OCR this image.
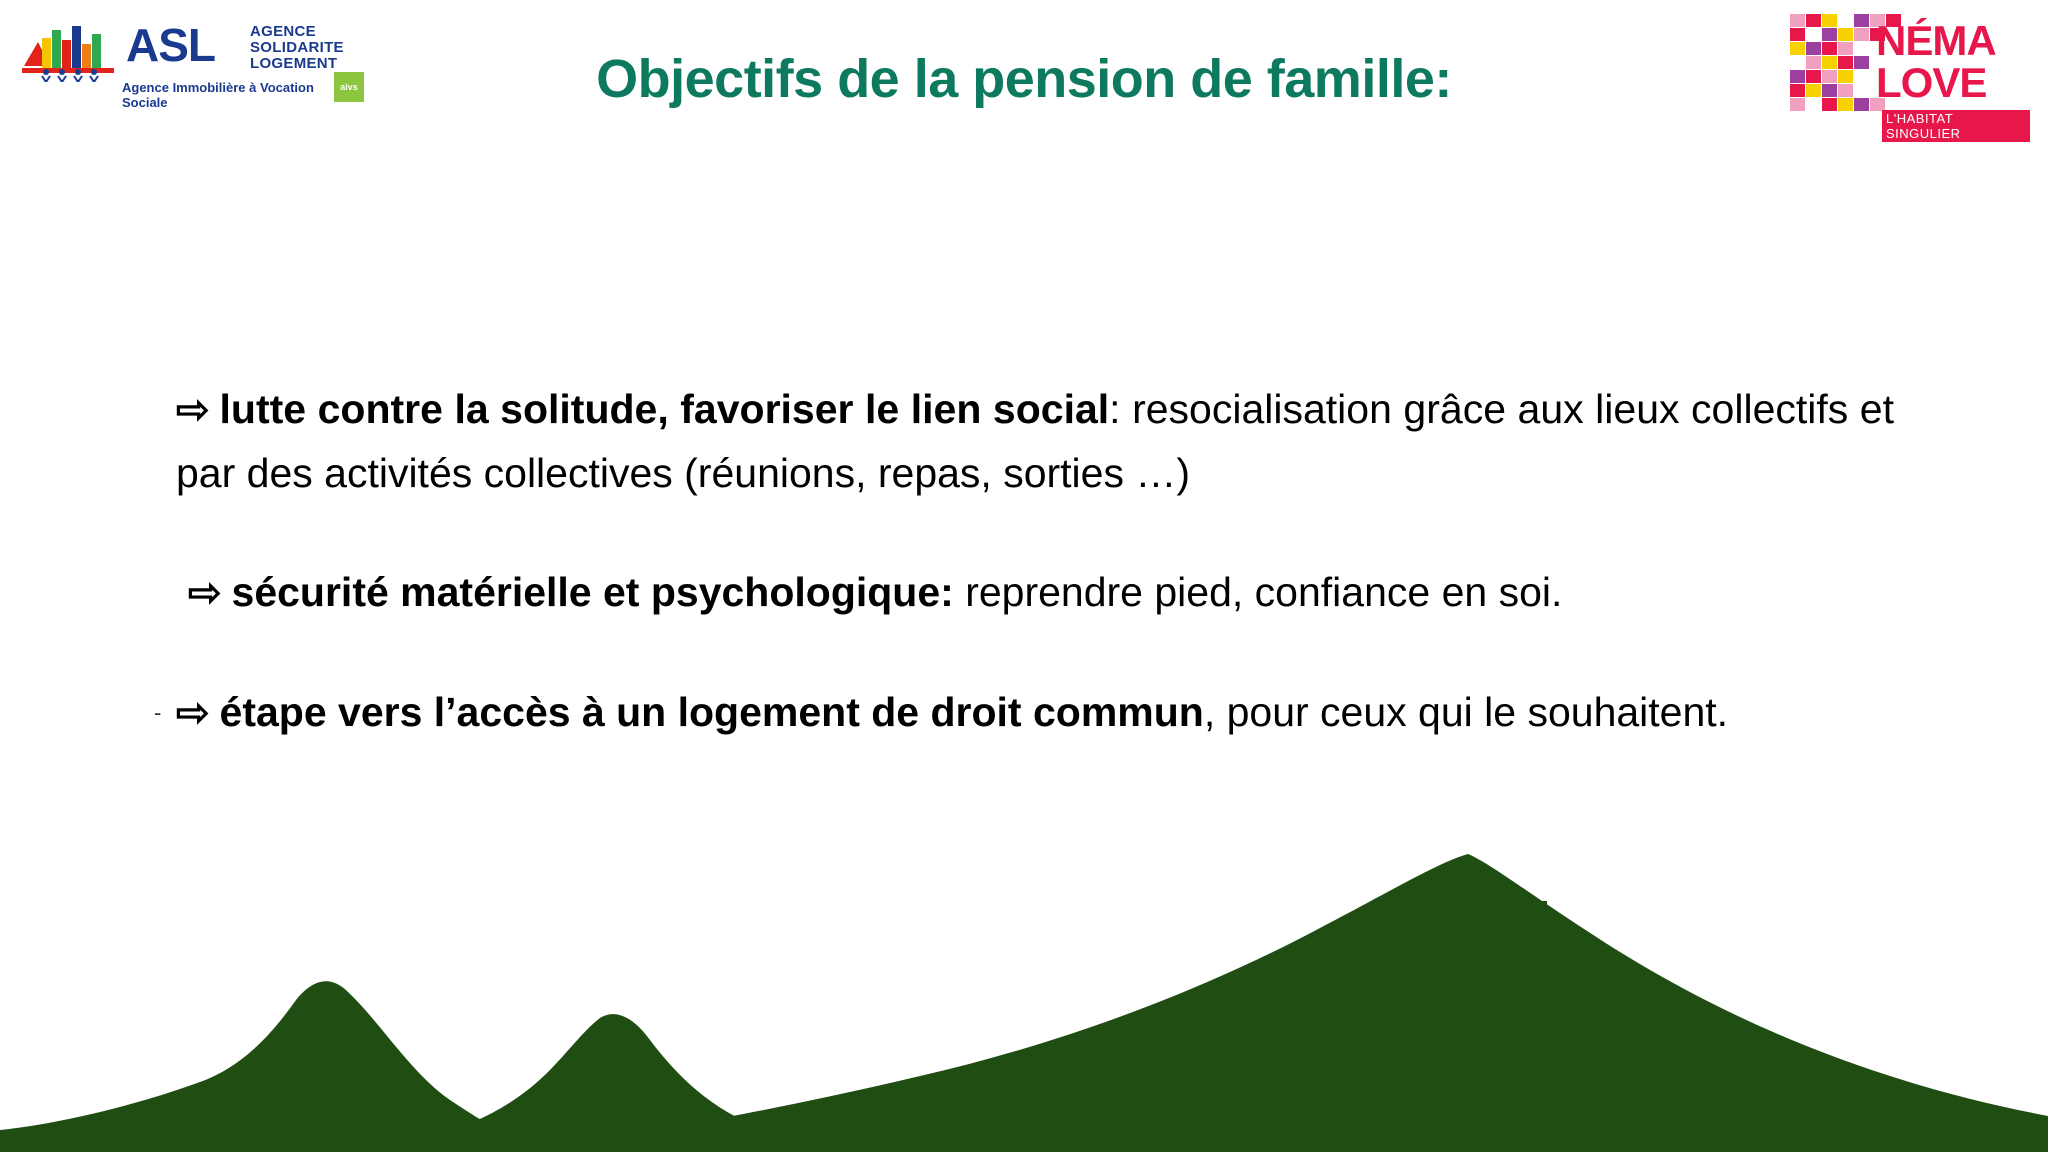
ASL AGENCE
SOLIDARITE
LOGEMENT
Agence Immobilière à Vocation Sociale
aivs
NÉMA
LOVE
L'HABITAT SINGULIER
Objectifs de la pension de famille:
⇨ lutte contre la solitude, favoriser le lien social: resocialisation grâce aux lieux collectifs et par des activités collectives (réunions, repas, sorties …)
⇨ sécurité matérielle et psychologique: reprendre pied, confiance en soi.
- ⇨ étape vers l’accès à un logement de droit commun, pour ceux qui le souhaitent.
